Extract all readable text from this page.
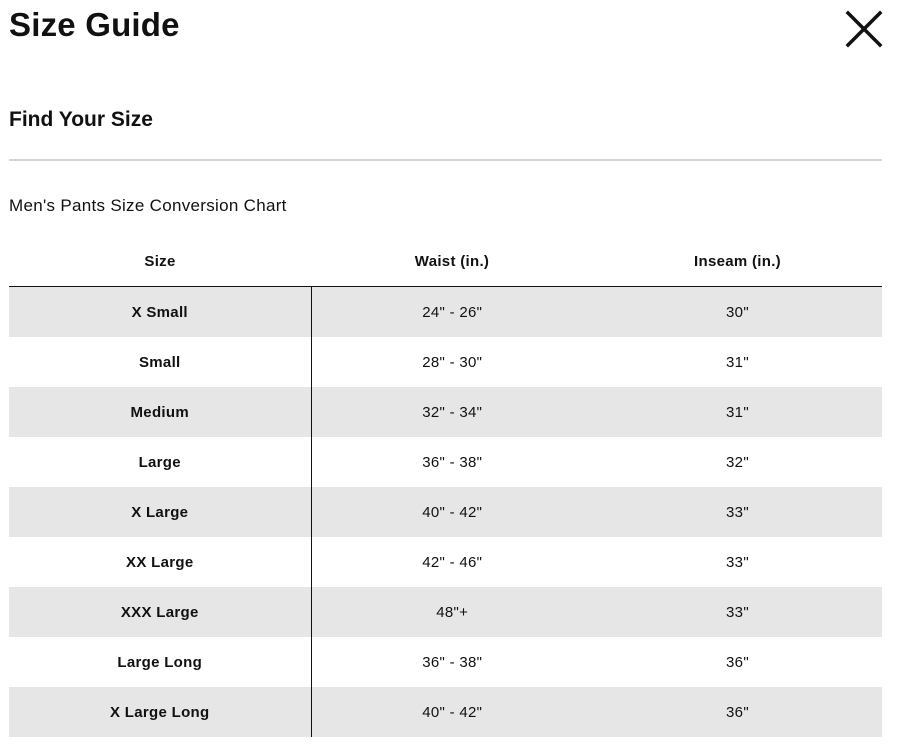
Size Guide
Find Your Size

Men's Pants Size Conversion Chart

Size	Waist (in.)	Inseam (in.)
X Small	24" - 26"	30"
Small	28" - 30"	31"
Medium	32" - 34"	31"
Large	36" - 38"	32"
X Large	40" - 42"	33"
XX Large	42" - 46"	33"
XXX Large	48"+	33"
Large Long	36" - 38"	36"
X Large Long	40" - 42"	36"
